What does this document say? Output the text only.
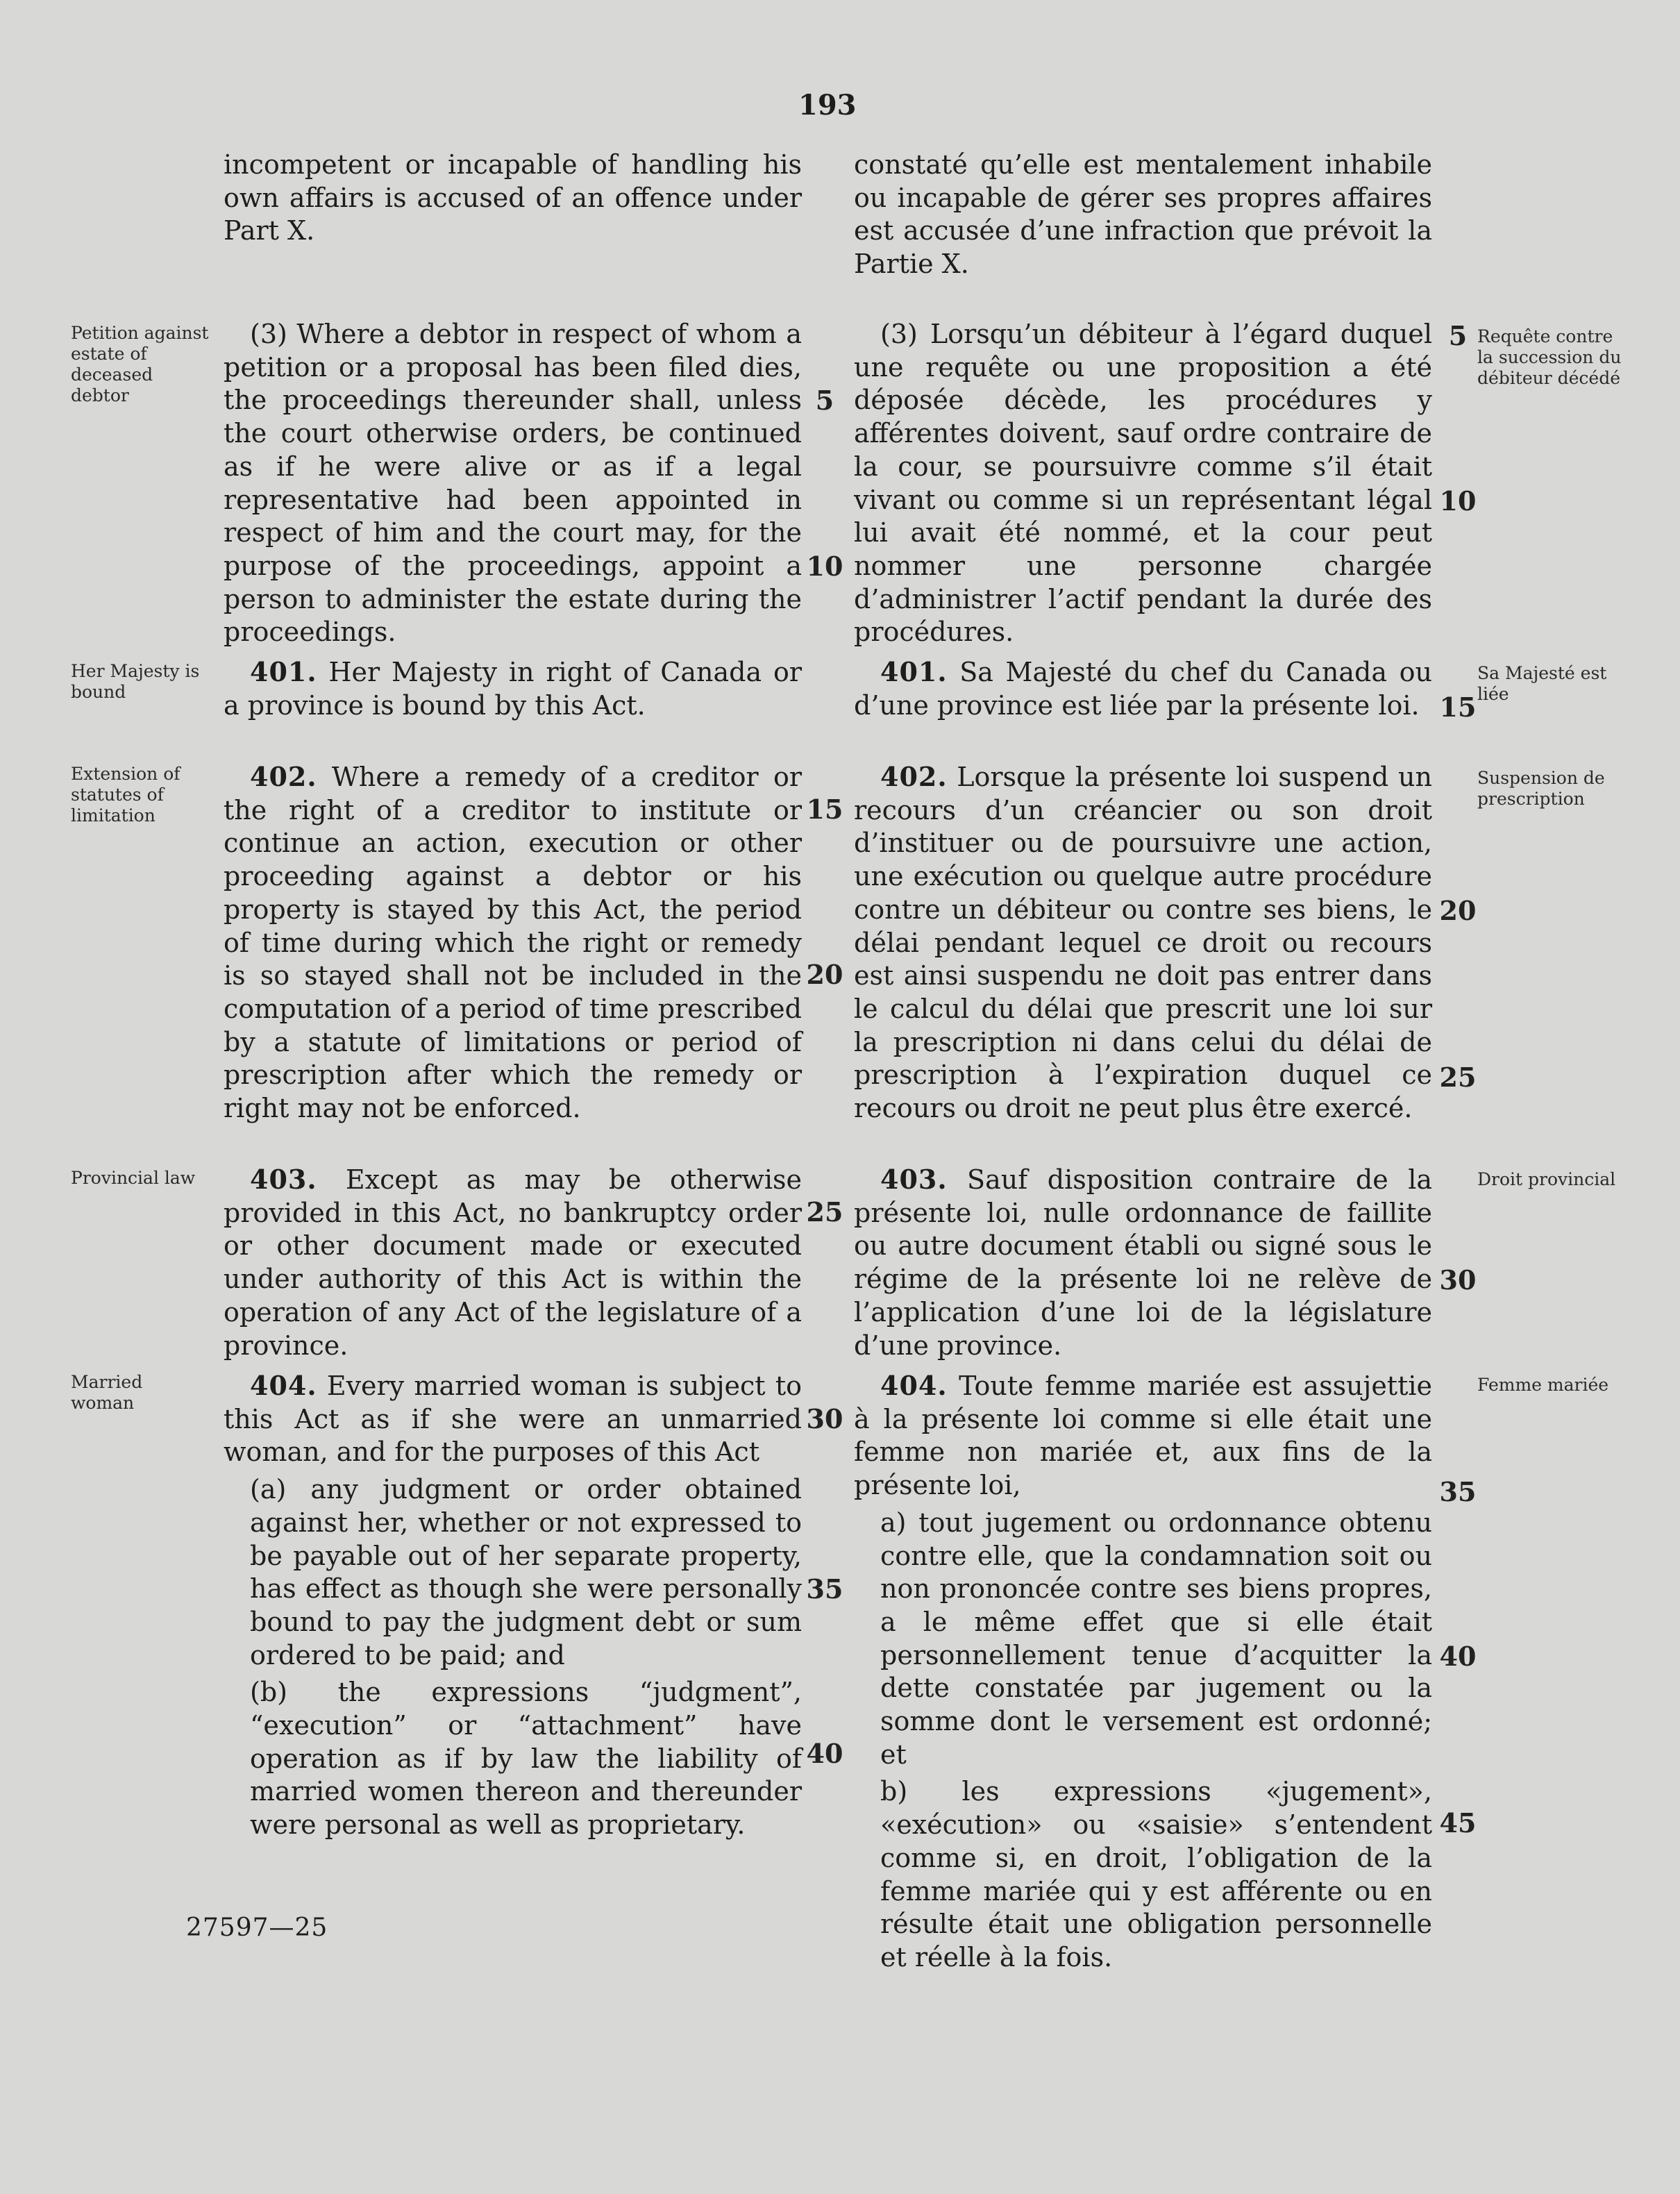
193

incompetent or incapable of handling his own affairs is accused of an offence under Part X.

(3) Where a debtor in respect of whom a petition or a proposal has been filed dies, the proceedings thereunder shall, unless the court otherwise orders, be continued as if he were alive or as if a legal representative had been appointed in respect of him and the court may, for the purpose of the proceedings, appoint a person to administer the estate during the proceedings.

401. Her Majesty in right of Canada or a province is bound by this Act.

402. Where a remedy of a creditor or the right of a creditor to institute or continue an action, execution or other proceeding against a debtor or his property is stayed by this Act, the period of time during which the right or remedy is so stayed shall not be included in the computation of a period of time prescribed by a statute of limitations or period of prescription after which the remedy or right may not be enforced.

403. Except as may be otherwise provided in this Act, no bankruptcy order or other document made or executed under authority of this Act is within the operation of any Act of the legislature of a province.

404. Every married woman is subject to this Act as if she were an unmarried woman, and for the purposes of this Act

(a) any judgment or order obtained against her, whether or not expressed to be payable out of her separate property, has effect as though she were personally bound to pay the judgment debt or sum ordered to be paid; and

(b) the expressions “judgment”, “execution” or “attachment” have operation as if by law the liability of married women thereon and thereunder were personal as well as proprietary.

constaté qu’elle est mentalement inhabile ou incapable de gérer ses propres affaires est accusée d’une infraction que prévoit la Partie X.

(3) Lorsqu’un débiteur à l’égard duquel une requête ou une proposition a été déposée décède, les procédures y afférentes doivent, sauf ordre contraire de la cour, se poursuivre comme s’il était vivant ou comme si un représentant légal lui avait été nommé, et la cour peut nommer une personne chargée d’administrer l’actif pendant la durée des procédures.

401. Sa Majesté du chef du Canada ou d’une province est liée par la présente loi.

402. Lorsque la présente loi suspend un recours d’un créancier ou son droit d’instituer ou de poursuivre une action, une exécution ou quelque autre procédure contre un débiteur ou contre ses biens, le délai pendant lequel ce droit ou recours est ainsi suspendu ne doit pas entrer dans le calcul du délai que prescrit une loi sur la prescription ni dans celui du délai de prescription à l’expiration duquel ce recours ou droit ne peut plus être exercé.

403. Sauf disposition contraire de la présente loi, nulle ordonnance de faillite ou autre document établi ou signé sous le régime de la présente loi ne relève de l’application d’une loi de la législature d’une province.

404. Toute femme mariée est assujettie à la présente loi comme si elle était une femme non mariée et, aux fins de la présente loi,

a) tout jugement ou ordonnance obtenu contre elle, que la condamnation soit ou non prononcée contre ses biens propres, a le même effet que si elle était personnellement tenue d’acquitter la dette constatée par jugement ou la somme dont le versement est ordonné; et

b) les expressions «jugement», «exécution» ou «saisie» s’entendent comme si, en droit, l’obligation de la femme mariée qui y est afférente ou en résulte était une obligation personnelle et réelle à la fois.

Petition against estate of deceased debtor
Her Majesty is bound
Extension of statutes of limitation
Provincial law
Married woman
Requête contre la succession du débiteur décédé
Sa Majesté est liée
Suspension de prescription
Droit provincial
Femme mariée
5
10
15
20
25
30
35
40
5
10
15
20
25
30
35
40
45
27597—25
